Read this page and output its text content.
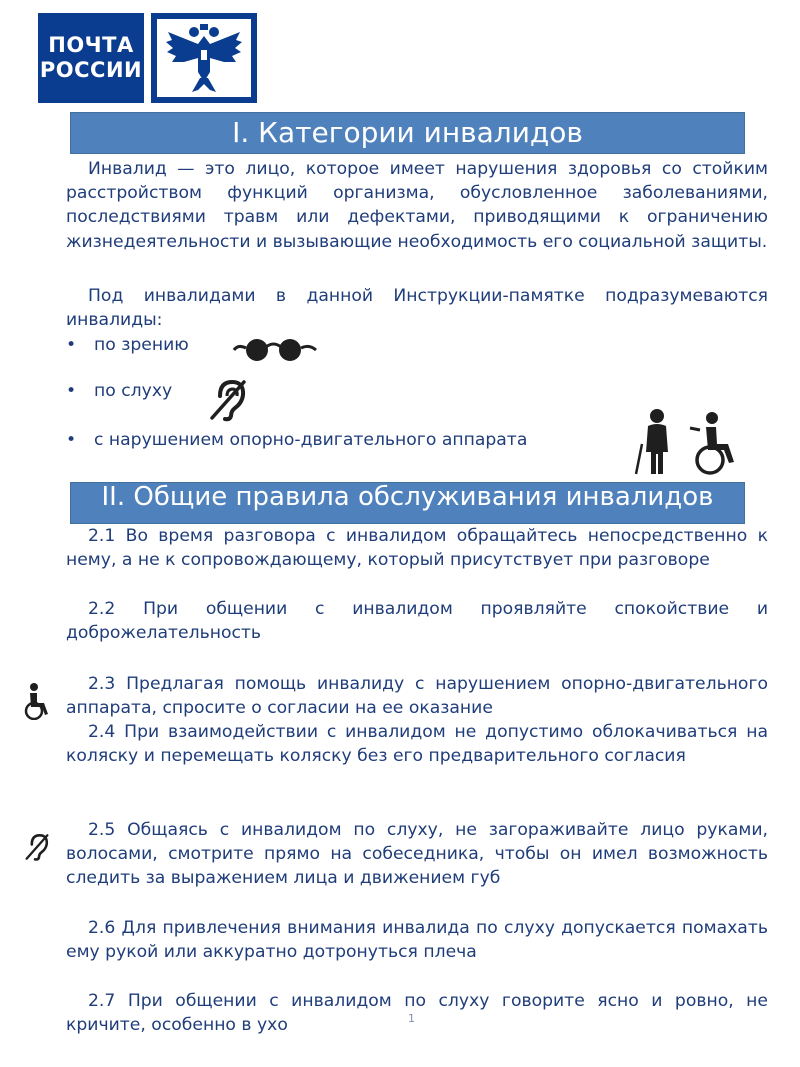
ПОЧТА
РОССИИ
I. Категории инвалидов

Инвалид — это лицо, которое имеет нарушения здоровья со стойким расстройством функций организма, обусловленное заболеваниями, последствиями травм или дефектами, приводящими к ограничению жизнедеятельности и вызывающие необходимость его социальной защиты.

Под инвалидами в данной Инструкции-памятке подразумеваются инвалиды:

• по зрению
• по слуху
• с нарушением опорно-двигательного аппарата
II. Общие правила обслуживания инвалидов

2.1 Во время разговора с инвалидом обращайтесь непосредственно к нему, а не к сопровождающему, который присутствует при разговоре

2.2 При общении с инвалидом проявляйте спокойствие и доброжелательность

2.3 Предлагая помощь инвалиду с нарушением опорно-двигательного аппарата, спросите о согласии на ее оказание

2.4 При взаимодействии с инвалидом не допустимо облокачиваться на коляску и перемещать коляску без его предварительного согласия

2.5 Общаясь с инвалидом по слуху, не загораживайте лицо руками, волосами, смотрите прямо на собеседника, чтобы он имел возможность следить за выражением лица и движением губ

2.6 Для привлечения внимания инвалида по слуху допускается помахать ему рукой или аккуратно дотронуться плеча

2.7 При общении с инвалидом по слуху говорите ясно и ровно, не кричите, особенно в ухо	1
